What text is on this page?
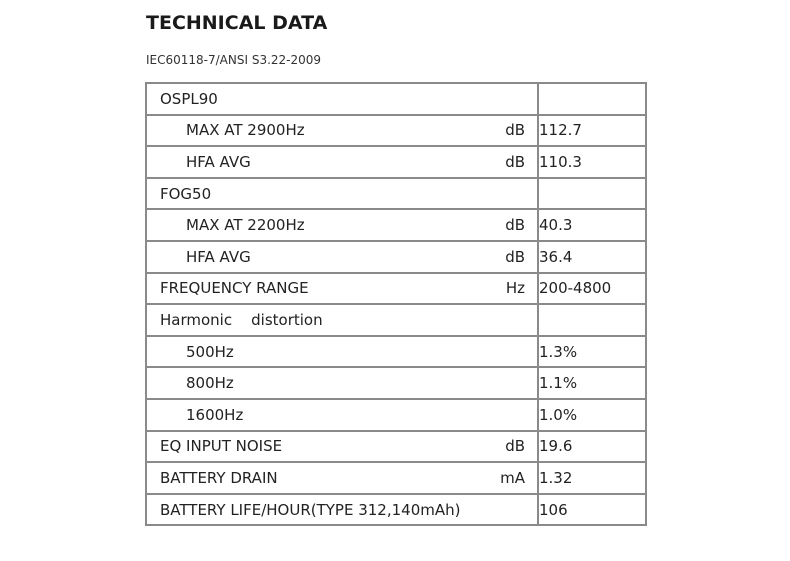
TECHNICAL DATA
IEC60118-7/ANSI S3.22-2009
OSPL90	

MAX AT 2900Hz dB	112.7

HFA AVG dB	110.3

FOG50	

MAX AT 2200Hz dB	40.3

HFA AVG dB	36.4

FREQUENCY RANGE Hz	200-4800

Harmonic    distortion	

500Hz	1.3%

800Hz	1.1%

1600Hz	1.0%

EQ INPUT NOISE dB	19.6

BATTERY DRAIN mA	1.32

BATTERY LIFE/HOUR(TYPE 312,140mAh)	106
